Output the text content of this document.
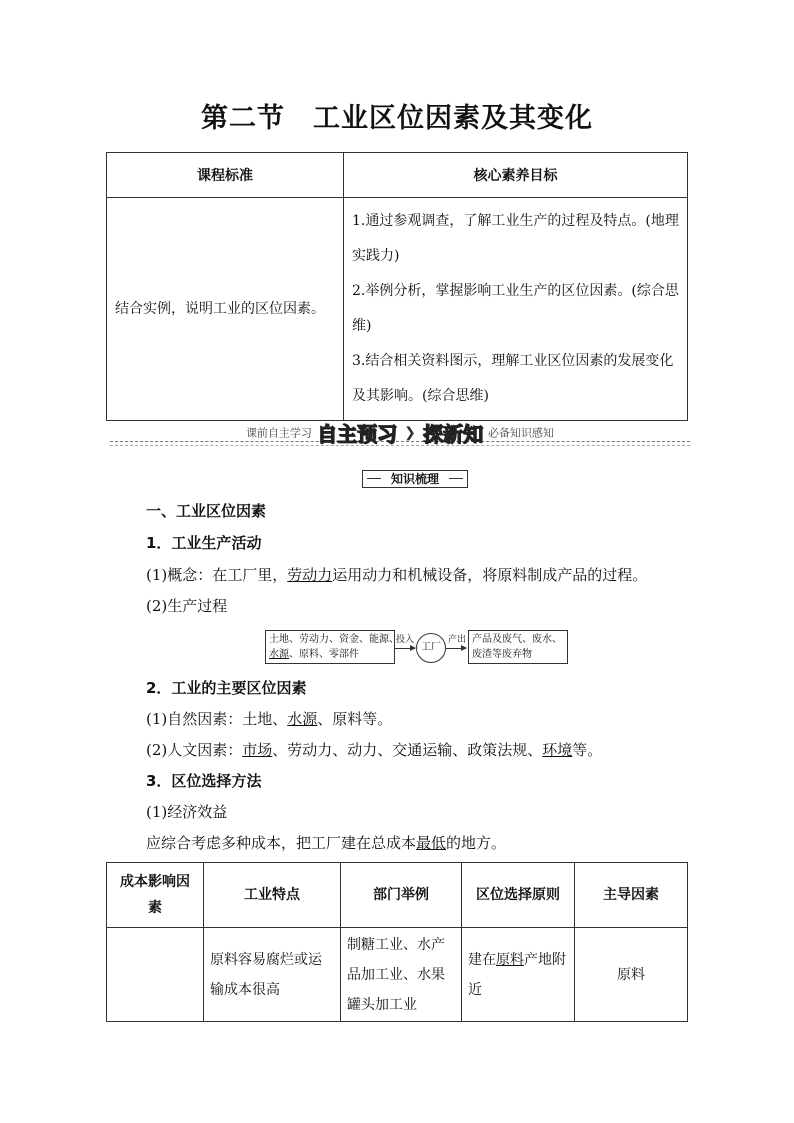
第二节　工业区位因素及其变化
课程标准	核心素养目标
结合实例，说明工业的区位因素。	1.通过参观调查，了解工业生产的过程及特点。(地理实践力)
2.举例分析，掌握影响工业生产的区位因素。(综合思维)
3.结合相关资料图示，理解工业区位因素的发展变化及其影响。(综合思维)
课前自主学习 自主预习 ❯ 探新知 必备知识感知
知识梳理
一、工业区位因素
1．工业生产活动
(1)概念：在工厂里，劳动力运用动力和机械设备，将原料制成产品的过程。
(2)生产过程
土地、劳动力、资金、能源、
水源、原料、零部件
投入
工厂
产出 产品及废气、废水、
废渣等废弃物
2．工业的主要区位因素
(1)自然因素：土地、水源、原料等。
(2)人文因素：市场、劳动力、动力、交通运输、政策法规、环境等。
3．区位选择方法
(1)经济效益
应综合考虑多种成本，把工厂建在总成本最低的地方。
成本影响因素	工业特点	部门举例	区位选择原则	主导因素
	原料容易腐烂或运输成本很高	制糖工业、水产品加工业、水果罐头加工业	建在原料产地附近	原料
